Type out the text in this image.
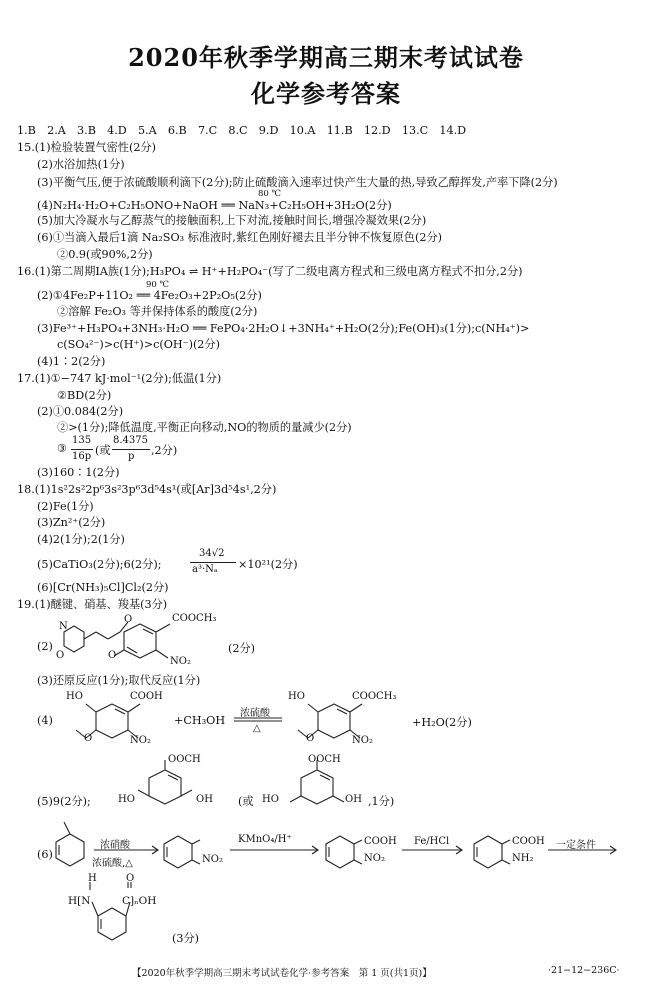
2020年秋季学期高三期末考试试卷
化学参考答案
1.B　2.A　3.B　4.D　5.A　6.B　7.C　8.C　9.D　10.A　11.B　12.D　13.C　14.D
15.(1)检验装置气密性(2分)
(2)水浴加热(1分)
(3)平衡气压,便于浓硫酸顺利滴下(2分);防止硫酸滴入速率过快产生大量的热,导致乙醇挥发,产率下降(2分)
80 ℃
(4)N₂H₄·H₂O+C₂H₅ONO+NaOH ══ NaN₃+C₂H₅OH+3H₂O(2分)
(5)加大冷凝水与乙醇蒸气的接触面积,上下对流,接触时间长,增强冷凝效果(2分)
(6)①当滴入最后1滴 Na₂SO₃ 标准液时,紫红色刚好褪去且半分钟不恢复原色(2分)
②0.9(或90%,2分)
16.(1)第二周期ⅠA族(1分);H₃PO₄ ⇌ H⁺+H₂PO₄⁻(写了二级电离方程式和三级电离方程式不扣分,2分)
90 ℃
(2)①4Fe₂P+11O₂ ══ 4Fe₂O₃+2P₂O₅(2分)
②溶解 Fe₂O₃ 等并保持体系的酸度(2分)
(3)Fe³⁺+H₃PO₄+3NH₃·H₂O ══ FePO₄·2H₂O↓+3NH₄⁺+H₂O(2分);Fe(OH)₃(1分);c(NH₄⁺)>
c(SO₄²⁻)>c(H⁺)>c(OH⁻)(2分)
(4)1∶2(2分)
17.(1)①−747 kJ·mol⁻¹(2分);低温(1分)
②BD(2分)
(2)①0.084(2分)
②>(1分);降低温度,平衡正向移动,NO的物质的量减少(2分)
③
135
16p (或
8.4375
p ,2分)
(3)160∶1(2分)
18.(1)1s²2s²2p⁶3s²3p⁶3d⁵4s¹(或[Ar]3d⁵4s¹,2分)
(2)Fe(1分)
(3)Zn²⁺(2分)
(4)2(1分);2(1分)
(5)CaTiO₃(2分);6(2分);
34√2
a³·Nₐ ×10²¹(2分)
(6)[Cr(NH₃)₅Cl]Cl₂(2分)
19.(1)醚键、硝基、羧基(3分)
(2)
N
O
O	COOCH₃
NO₂
O
(2分)
(3)还原反应(1分);取代反应(1分)
(4)
HO	COOH
NO₂
O
+CH₃OH
浓硫酸
△
HO	COOCH₃
NO₂
O
+H₂O(2分)
(5)9(2分);
OOCH
HO	OH (或
OOCH
HO	OH ,1分)
(6)
浓硝酸
浓硫酸,△	NO₂
KMnO₄/H⁺	COOH
NO₂
Fe/HCl	COOH
NH₂
一定条件
H	O
H[N	C]ₙOH
(3分)
【2020年秋季学期高三期末考试试卷化学·参考答案　第 1 页(共1页)】	·21−12−236C·
